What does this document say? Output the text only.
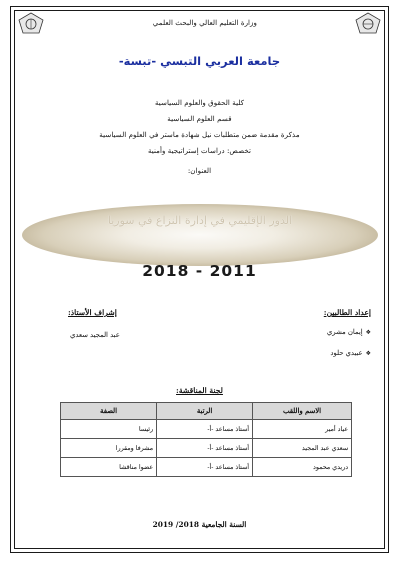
وزارة التعليم العالي والبحث العلمي
جامعة العربي التبسي -تبسة-
كلية الحقوق والعلوم السياسية
قسم العلوم السياسية
مذكرة مقدمة ضمن متطلبات نيل شهادة ماستر في العلوم السياسية
تخصص: دراسات إستراتيجية وأمنية
العنوان:
الدور الإقليمي في إدارة النزاع في سوريا
2018 - 2011
إعداد الطالبين:
إشراف الأستاذ:
❖إيمان مشري
❖عبيدي حلود
عبد المجيد سعدي
لجنة المناقشة:
الاسم واللقب	الرتبة	الصفة
عياد أمير	أستاذ مساعد -أ-	رئيسا
سعدي عبد المجيد	أستاذ مساعد -أ-	مشرفا ومقررا
دريدي محمود	أستاذ مساعد -أ-	عضوا مناقشا
السنة الجامعية 2018/ 2019
